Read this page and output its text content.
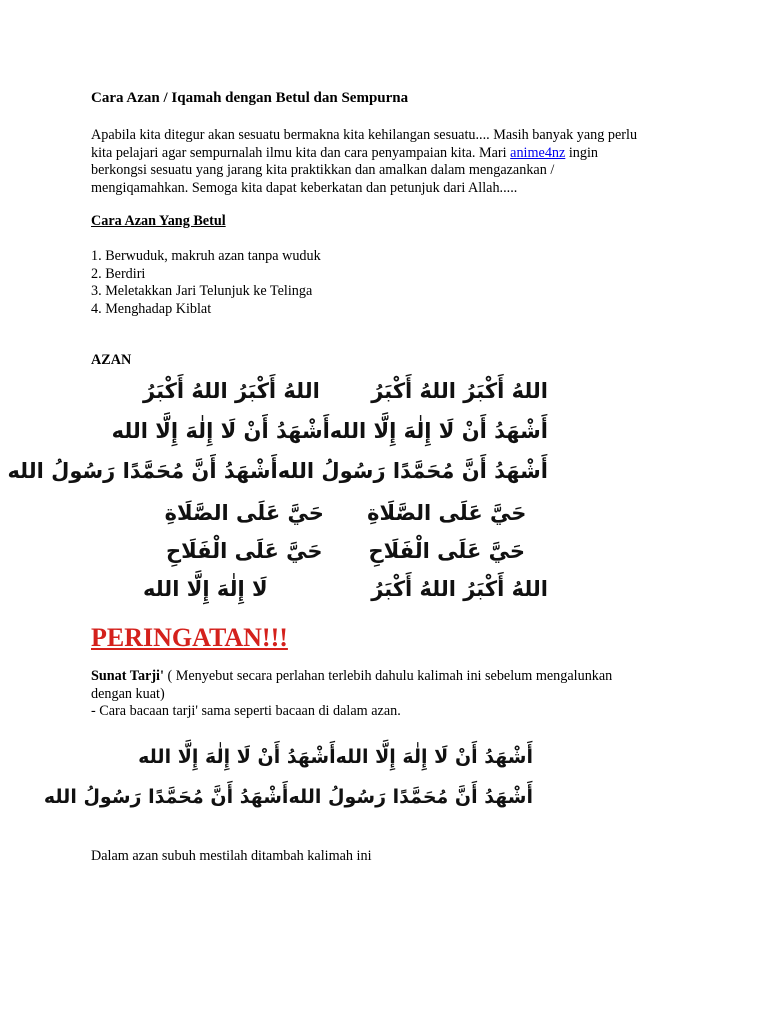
Cara Azan / Iqamah dengan Betul dan Sempurna
Apabila kita ditegur akan sesuatu bermakna kita kehilangan sesuatu.... Masih banyak yang perlu
kita pelajari agar sempurnalah ilmu kita dan cara penyampaian kita. Mari anime4nz ingin
berkongsi sesuatu yang jarang kita praktikkan dan amalkan dalam mengazankan /
mengiqamahkan. Semoga kita dapat keberkatan dan petunjuk dari Allah.....
Cara Azan Yang Betul
1. Berwuduk, makruh azan tanpa wuduk
2. Berdiri
3. Meletakkan Jari Telunjuk ke Telinga
4. Menghadap Kiblat
AZAN
PERINGATAN!!!
Sunat Tarji' ( Menyebut secara perlahan terlebih dahulu kalimah ini sebelum mengalunkan
dengan kuat)
- Cara bacaan tarji' sama seperti bacaan di dalam azan.
Dalam azan subuh mestilah ditambah kalimah ini
اللهُ أَكْبَرُ اللهُ أَكْبَرُ
اللهُ أَكْبَرُ اللهُ أَكْبَرُ
أَشْهَدُ أَنْ لَا إِلٰهَ إِلَّا الله
أَشْهَدُ أَنْ لَا إِلٰهَ إِلَّا الله
أَشْهَدُ أَنَّ مُحَمَّدًا رَسُولُ الله
أَشْهَدُ أَنَّ مُحَمَّدًا رَسُولُ الله
حَيَّ عَلَى الصَّلَاةِ
حَيَّ عَلَى الصَّلَاةِ
حَيَّ عَلَى الْفَلَاحِ
حَيَّ عَلَى الْفَلَاحِ
اللهُ أَكْبَرُ اللهُ أَكْبَرُ
لَا إِلٰهَ إِلَّا الله
أَشْهَدُ أَنْ لَا إِلٰهَ إِلَّا الله
أَشْهَدُ أَنْ لَا إِلٰهَ إِلَّا الله
أَشْهَدُ أَنَّ مُحَمَّدًا رَسُولُ الله
أَشْهَدُ أَنَّ مُحَمَّدًا رَسُولُ الله
